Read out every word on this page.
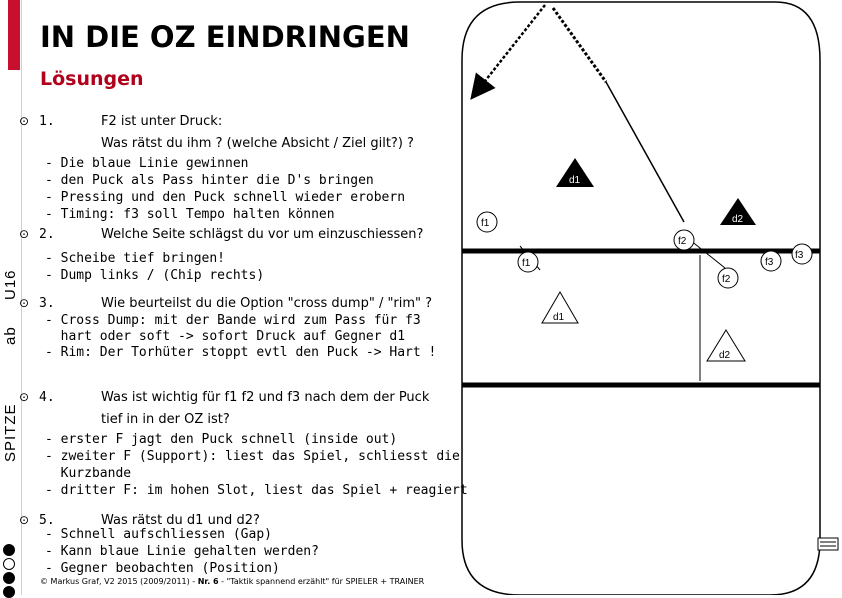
U16
ab
SPITZE
IN DIE OZ EINDRINGEN
Lösungen
d1
d2
f1
f2
f1	f3
f3
f2
d1
d2
⊙ 1.	F2 ist unter Druck:
Was rätst du ihm ? (welche Absicht / Ziel gilt?) ?
- Die blaue Linie gewinnen
- den Puck als Pass hinter die D's bringen
- Pressing und den Puck schnell wieder erobern
- Timing: f3 soll Tempo halten können
⊙ 2.	Welche Seite schlägst du vor um einzuschiessen?
- Scheibe tief bringen!
- Dump links / (Chip rechts)
⊙ 3.	Wie beurteilst du die Option "cross dump" / "rim" ?
- Cross Dump: mit der Bande wird zum Pass für f3
hart oder soft -> sofort Druck auf Gegner d1
- Rim: Der Torhüter stoppt evtl den Puck -> Hart !
⊙ 4.	Was ist wichtig für f1 f2 und f3 nach dem der Puck
tief in in der OZ ist?
- erster F jagt den Puck schnell (inside out)
- zweiter F (Support): liest das Spiel, schliesst die
Kurzbande
- dritter F: im hohen Slot, liest das Spiel + reagiert
⊙ 5.	Was rätst du d1 und d2?
- Schnell aufschliessen (Gap)
- Kann blaue Linie gehalten werden?
- Gegner beobachten (Position)
© Markus Graf, V2 2015 (2009/2011) - Nr. 6 - "Taktik spannend erzählt" für SPIELER + TRAINER
